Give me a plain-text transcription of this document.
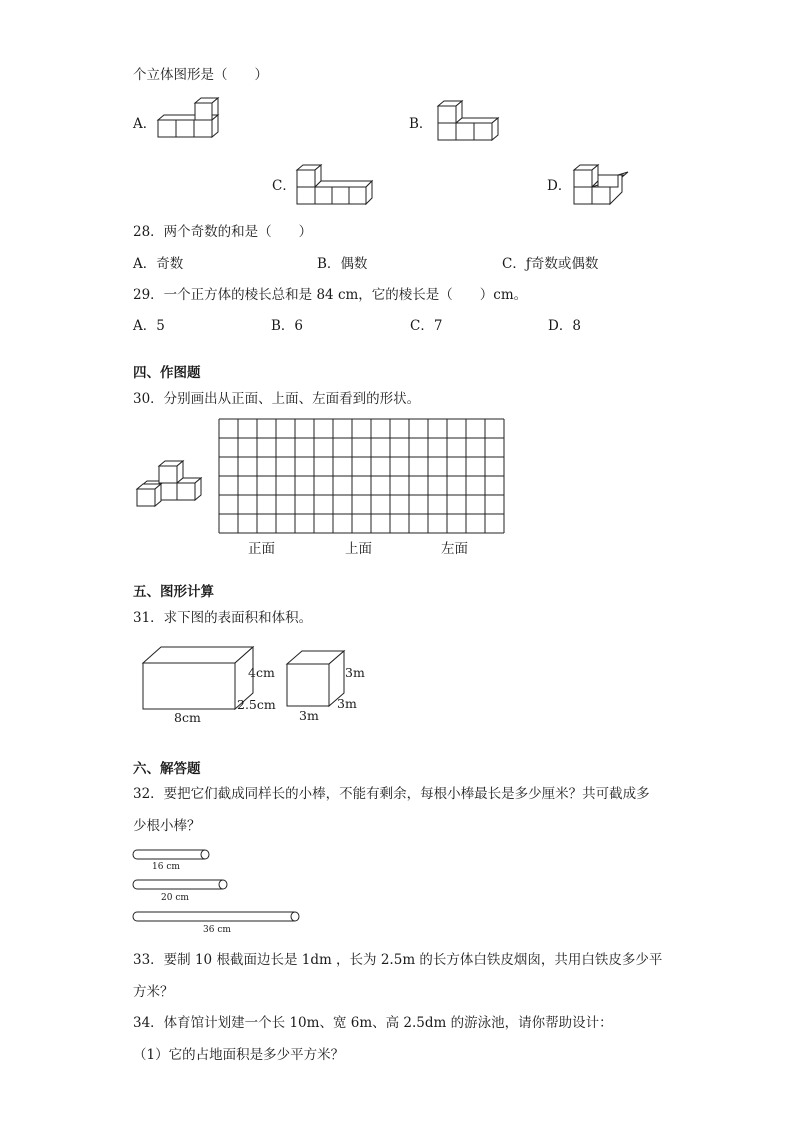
个立体图形是（　　）
A．	B．
C．	D．
28．两个奇数的和是（　　）
A．奇数	B．偶数	C．ƒ奇数或偶数
29．一个正方体的棱长总和是 84 cm，它的棱长是（　　）cm。
A．5	B．6	C．7	D．8
四、作图题
30．分别画出从正面、上面、左面看到的形状。
正面	上面	左面
五、图形计算
31．求下图的表面积和体积。
4cm
2.5cm
8cm
3m
3m
3m
六、解答题
32．要把它们截成同样长的小棒，不能有剩余，每根小棒最长是多少厘米？共可截成多
少根小棒？
16 cm
20 cm
36 cm
33．要制 10 根截面边长是 1dm ，长为 2.5m 的长方体白铁皮烟囱，共用白铁皮多少平
方米？
34．体育馆计划建一个长 10m、宽 6m、高 2.5dm 的游泳池，请你帮助设计：
（1）它的占地面积是多少平方米？
